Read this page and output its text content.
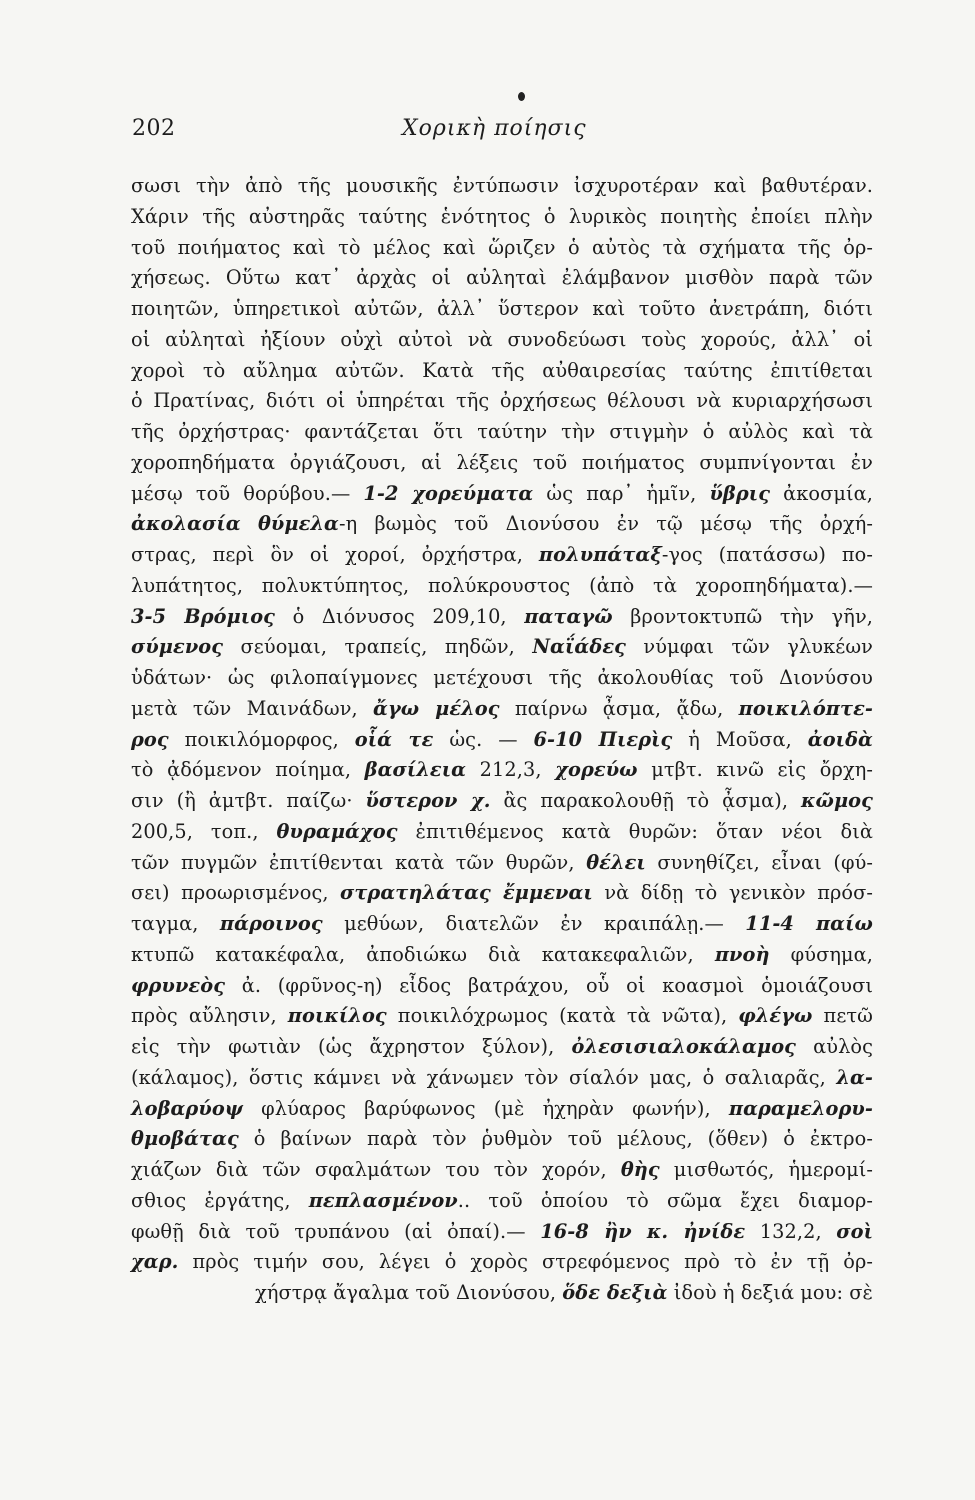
202	Χορικὴ ποίησις
σωσι τὴν ἀπὸ τῆς μουσικῆς ἐντύπωσιν ἰσχυροτέραν καὶ βαθυτέραν.
Χάριν τῆς αὐστηρᾶς ταύτης ἑνότητος ὁ λυρικὸς ποιητὴς ἐποίει πλὴν
τοῦ ποιήματος καὶ τὸ μέλος καὶ ὥριζεν ὁ αὐτὸς τὰ σχήματα τῆς ὀρ-
χήσεως. Οὕτω κατ᾿ ἀρχὰς οἱ αὐληταὶ ἐλάμβανον μισθὸν παρὰ τῶν
ποιητῶν, ὑπηρετικοὶ αὐτῶν, ἀλλ᾿ ὕστερον καὶ τοῦτο ἀνετράπη, διότι
οἱ αὐληταὶ ἠξίουν οὐχὶ αὐτοὶ νὰ συνοδεύωσι τοὺς χορούς, ἀλλ᾿ οἱ
χοροὶ τὸ αὔλημα αὐτῶν. Κατὰ τῆς αὐθαιρεσίας ταύτης ἐπιτίθεται
ὁ Πρατίνας, διότι οἱ ὑπηρέται τῆς ὀρχήσεως θέλουσι νὰ κυριαρχήσωσι
τῆς ὀρχήστρας· φαντάζεται ὅτι ταύτην τὴν στιγμὴν ὁ αὐλὸς καὶ τὰ
χοροπηδήματα ὀργιάζουσι, αἱ λέξεις τοῦ ποιήματος συμπνίγονται ἐν
μέσῳ τοῦ θορύβου.— 1-2 χορεύματα ὡς παρ᾿ ἡμῖν, ὕβρις ἀκοσμία,
ἀκολασία θύμελα-η βωμὸς τοῦ Διονύσου ἐν τῷ μέσῳ τῆς ὀρχή-
στρας, περὶ ὃν οἱ χοροί, ὀρχήστρα, πολυπάταξ-γος (πατάσσω) πο-
λυπάτητος, πολυκτύπητος, πολύκρουστος (ἀπὸ τὰ χοροπηδήματα).—
3-5 Βρόμιος ὁ Διόνυσος 209,10, παταγῶ βροντοκτυπῶ τὴν γῆν,
σύμενος σεύομαι, τραπείς, πηδῶν, Ναΐάδες νύμφαι τῶν γλυκέων
ὑδάτων· ὡς φιλοπαίγμονες μετέχουσι τῆς ἀκολουθίας τοῦ Διονύσου
μετὰ τῶν Μαινάδων, ἄγω μέλος παίρνω ᾆσμα, ᾄδω, ποικιλόπτε-
ρος ποικιλόμορφος, οἷά τε ὡς. — 6-10 Πιερὶς ἡ Μοῦσα, ἀοιδὰ
τὸ ᾀδόμενον ποίημα, βασίλεια 212,3, χορεύω μτβτ. κινῶ εἰς ὄρχη-
σιν (ἢ ἀμτβτ. παίζω· ὕστερον χ. ἂς παρακολουθῇ τὸ ᾆσμα), κῶμος
200,5, τοπ., θυραμάχος ἐπιτιθέμενος κατὰ θυρῶν: ὅταν νέοι διὰ
τῶν πυγμῶν ἐπιτίθενται κατὰ τῶν θυρῶν, θέλει συνηθίζει, εἶναι (φύ-
σει) προωρισμένος, στρατηλάτας ἔμμεναι νὰ δίδῃ τὸ γενικὸν πρόσ-
ταγμα, πάροινος μεθύων, διατελῶν ἐν κραιπάλῃ.— 11-4 παίω
κτυπῶ κατακέφαλα, ἀποδιώκω διὰ κατακεφαλιῶν, πνοὴ φύσημα,
φρυνεὸς ἀ. (φρῦνος-η) εἶδος βατράχου, οὗ οἱ κοασμοὶ ὁμοιάζουσι
πρὸς αὔλησιν, ποικίλος ποικιλόχρωμος (κατὰ τὰ νῶτα), φλέγω πετῶ
εἰς τὴν φωτιὰν (ὡς ἄχρηστον ξύλον), ὀλεσισιαλοκάλαμος αὐλὸς
(κάλαμος), ὅστις κάμνει νὰ χάνωμεν τὸν σίαλόν μας, ὁ σαλιαρᾶς, λα-
λοβαρύοψ φλύαρος βαρύφωνος (μὲ ἠχηρὰν φωνήν), παραμελορυ-
θμοβάτας ὁ βαίνων παρὰ τὸν ῥυθμὸν τοῦ μέλους, (ὅθεν) ὁ ἐκτρο-
χιάζων διὰ τῶν σφαλμάτων του τὸν χορόν, θὴς μισθωτός, ἡμερομί-
σθιος ἐργάτης, πεπλασμένον.. τοῦ ὁποίου τὸ σῶμα ἔχει διαμορ-
φωθῇ διὰ τοῦ τρυπάνου (αἱ ὀπαί).— 16-8 ἢν κ. ἠνίδε 132,2, σοὶ
χαρ. πρὸς τιμήν σου, λέγει ὁ χορὸς στρεφόμενος πρὸ τὸ ἐν τῇ ὀρ-
χήστρᾳ ἄγαλμα τοῦ Διονύσου, ὅδε δεξιὰ ἰδοὺ ἡ δεξιά μου: σὲ
